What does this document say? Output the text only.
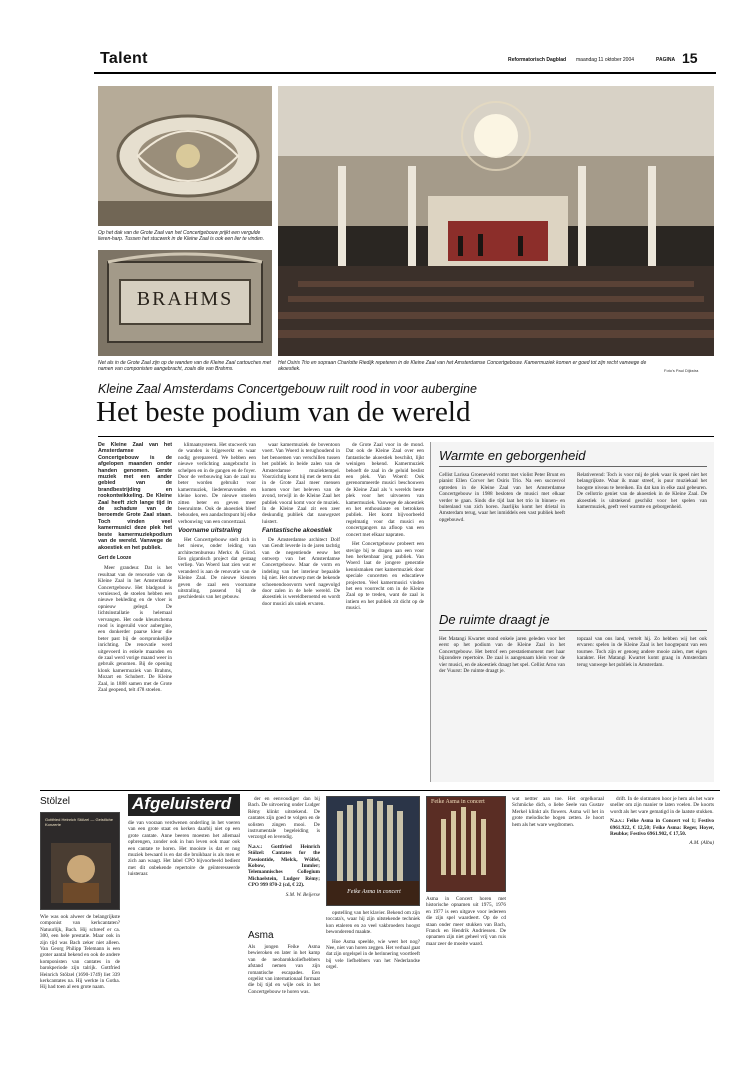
Talent	Reformatorisch Dagblad maandag 11 oktober 2004	PAGINA 15
Op het dak van de Grote Zaal van het Concertgebouw prijkt een vergulde lieren-harp. Tussen het stucwerk in de Kleine Zaal is ook een lier te vinden.
BRAHMS
Net als in de Grote Zaal zijn op de wanden van de Kleine Zaal cartouches met namen van componisten aangebracht, zoals die van Brahms.
Het Osiris Trio en sopraan Charlotte Riedijk repeteren in de Kleine Zaal van het Amsterdamse Concertgebouw. Kamermuziek komen er goed tot zijn recht vanwege de akoestiek.	Foto's Paul Dijkstra
Kleine Zaal Amsterdams Concertgebouw ruilt rood in voor aubergine
Het beste podium van de wereld
De Kleine Zaal van het Amsterdamse Concertgebouw is de afgelopen maanden onder handen genomen. Eerste muziek met een ander gebied van de brandbestrijding en rookontwikkeling. De Kleine Zaal heeft zich lange tijd in de schaduw van de beroemde Grote Zaal staan. Toch vinden veel kamermusici deze plek het beste kamermuziekpodium van de wereld. Vanwege de akoestiek en het publiek.
Gert de Looze

Meer grandeur. Dat is het resultaat van de renovatie van de Kleine Zaal in het Amsterdamse Concertgebouw. Het bladgoud is vernieuwd, de stoelen hebben een nieuwe bekleding en de vloer is opnieuw gelegd. De lichtsinstallatie is helemaal vervangen. Het oude kleurschema rood is ingeruild voor aubergine, een donkerder paarse kleur die beter past bij de oorspronkelijke inrichting. De renovatie werd uitgevoerd in enkele maanden en de zaal werd vorige maand weer in gebruik genomen. Bij de opening klonk kamermuziek van Brahms, Mozart en Schubert. De Kleine Zaal, in 1888 samen met de Grote Zaal geopend, telt 478 stoelen.

klimaatsysteem. Het stucwerk van de wanden is bijgewerkt en waar nodig gerepareerd. We hebben een nieuwe verlichting aangebracht in schelpen en in de gangen en de foyer. Door de verbouwing kan de zaal nu beter worden gebruikt voor kamermuziek, liederenavonden en kleine koren. De nieuwe stoelen zitten beter en geven meer beenruimte. Ook de akoestiek bleef behouden, een aandachtspunt bij elke verbouwing van een concertzaal.

Voorname uitstraling

Het Concertgebouw stelt zich in het nieuw, onder leiding van architectenbureau Merkx & Girod. Een gigantisch project dat gestaag verliep. Van Woerd laat zien wat er veranderd is aan de renovatie van de Kleine Zaal. De nieuwe kleuren geven de zaal een voorname uitstraling, passend bij de geschiedenis van het gebouw.

waar kamermuziek de boventoon voert. Van Woerd is terughoudend in het benoemen van verschillen tussen het publiek in beide zalen van de Amsterdamse muziektempel. Voorzichtig komt hij met de term dat in de Grote Zaal meer mensen komen voor het beleven van de avond, terwijl in de Kleine Zaal het publiek vooral komt voor de muziek. In de Kleine Zaal zit een zeer deskundig publiek dat nauwgezet luistert.

Fantastische akoestiek

De Amsterdamse architect Dolf van Gendt leverde in de jaren tachtig van de negentiende eeuw het ontwerp van het Amsterdamse Concertgebouw. Maar de vorm en indeling van het interieur bepaalde hij niet. Het ontwerp met de bekende schoenendoosvorm werd nagevolgd door zalen in de hele wereld. De akoestiek is wereldberoemd en wordt door musici als uniek ervaren.

de Grote Zaal voor in de mond. Dat ook de Kleine Zaal over een fantastische akoestiek beschikt, lijkt weinigen bekend. Kamermuziek behoeft de zaal in de geluid beslist een plek. Van Woerd: Ook gerenommeerde musici beschouwen de Kleine Zaal als 's werelds beste plek voor het uitvoeren van kamermuziek. Vanwege de akoestiek en het enthousiaste en betrokken publiek. Het komt bijvoorbeeld regelmatig voor dat musici en concertgangers na afloop van een concert met elkaar napraten.

Het Concertgebouw probeert een stevige bij te dragen aan een voor hen herkenbaar jong publiek. Van Woerd laat de jongere generatie kennismaken met kamermuziek door speciale concerten en educatieve projecten. Veel kamermusici vinden het een voorrecht om in de Kleine Zaal op te treden, want de zaal is intiem en het publiek zit dicht op de musici.

Warmte en geborgenheid
Cellist Larissa Groeneveld vormt met violist Peter Brunt en pianist Ellen Corver het Osiris Trio. Na een succesvol optreden in de Kleine Zaal van het Amsterdamse Concertgebouw in 1988 besloten de musici met elkaar verder te gaan. Sinds die tijd laat het trio in binnen- en buitenland van zich horen. Jaarlijks komt het drietal in Amsterdam terug, waar het inmiddels een vast publiek heeft opgebouwd.
Relativerend: Toch is voor mij de plek waar ik speel niet het belangrijkste. Waar ik maar streef, is puur muziekaal het hoogste niveau te bereiken. En dat kan in elke zaal gebeuren. De cellotrio geniet van de akoestiek in de Kleine Zaal. De akoestiek is uitstekend geschikt voor het spelen van kamermuziek, geeft veel warmte en geborgenheid.
De ruimte draagt je
Het Matangi Kwartet stond enkele jaren geleden voor het eerst op het podium van de Kleine Zaal in het Concertgebouw. Het betrof een prestatiemoment met haar bijzondere repertoire. De zaal is aangenaam klein voor de vier musici, en de akoestiek draagt het spel. Cellist Arno van der Vuurst: De ruimte draagt je.
topzaal van ons land, vertelt hij. Zo hebben wij het ook ervaren: spelen in de Kleine Zaal is het hoogtepunt van een tournee. Toch zijn er genoeg andere mooie zalen, met eigen karakter. Het Matangi Kwartet komt graag in Amsterdam terug vanwege het publiek in Amsterdam.
Stölzel	Afgeluisterd
Gottfried Heinrich Stölzel — Geistliche Konzerte
Wie was ook alweer de belangrijkste componist van kerkcantaten? Natuurlijk, Bach. Hij schreef er ca. 300, een hele prestatie. Maar ook in zijn tijd was Bach zeker niet alleen. Van Georg Philipp Telemann is een groter aantal bekend en ook de andere komponisten van cantates in de barokperiode zijn talrijk. Gottfried Heinrich Stölzel (1690-1749) liet 339 kerkcantates na. Hij werkte in Gotha. Hij had toen al een grote naam.
die van vooraan verdwenen onderling in het voeren van een grote staat en kerken daarbij niet op een grote cantate. Anne beeren moesten het allemaal opbrengen, zonder ook in hun leven ook maar ook een cantate te horen. Het mooiste is dat er nog muziek bewaard is en dat die bruikbaar is als men er zich aan waagt. Het label CPO bijvoorbeeld bedient met dit onbekende repertoire de geïnteresseerde luisteraar.

der en eenvoudiger dan bij Bach. De uitvoering onder Ludger Rémy klinkt uitstekend. De cantates zijn goed te volgen en de solisten zingen mooi. De instrumentale begeleiding is verzorgd en levendig.

N.a.v.: Gottfried Heinrich Stölzel: Cantates for the Passiontide, Mielck, Wölfel, Kobow, Immler; Telemannisches Collegium Michaelstein, Ludger Rémy; CPO 999 870-2 (cd, € 22).

S.M. W. Beijerse

Asma
Als jongen Feike Asma bewieroken en later in het kamp van de neobarokkoliefhebbers afstand nemen van zijn romantische escapades. Een orgelist van internationaal formaat die bij tijd en wijle ook in het Concertgebouw te horen was.
Feike Asma in concert

opstelling van het klavier. Bekend om zijn toccata's, waar hij zijn uitstekende techniek kon etaleren en zo veel vakbroeders hoogst bewonderend maakte.

Hoe Asma speelde, wie weet het nog? Nee, niet van horen zeggen. Het verhaal gaat dat zijn orgelspel in de herinnering voortleeft bij vele liefhebbers van het Nederlandse orgel.

Feike Asma in concert
Asma in Concert horen met historische opnamen uit 1975, 1976 en 1977 is een uitgave voor iedereen die zijn spel waardeert. Op de cd staan onder meer stukken van Bach, Franck en Hendrik Andriessen. De opnamen zijn niet geheel vrij van ruis maar zeer de moeite waard.
wat nettter aan toe. Het orgelkoraal Schmücke dich, o liebe Seele van Gustav Merkel klinkt als flowers. Asma wil het in grote melodische bogen zetten. Je hoort hem als het ware wegdromen.

drift. In de slotmaten hoor je hem als het ware sneller om zijn manier te laten voelen. De koorts wordt als het ware gematigd in de laatste stukken.

N.a.v.: Feike Asma in Concert vol 1; Festivo 6961.922, € 12,50; Feike Asma: Reger, Hoyer, Reubke; Festivo 6961.902, € 17,50.

A.M. (Albu)
